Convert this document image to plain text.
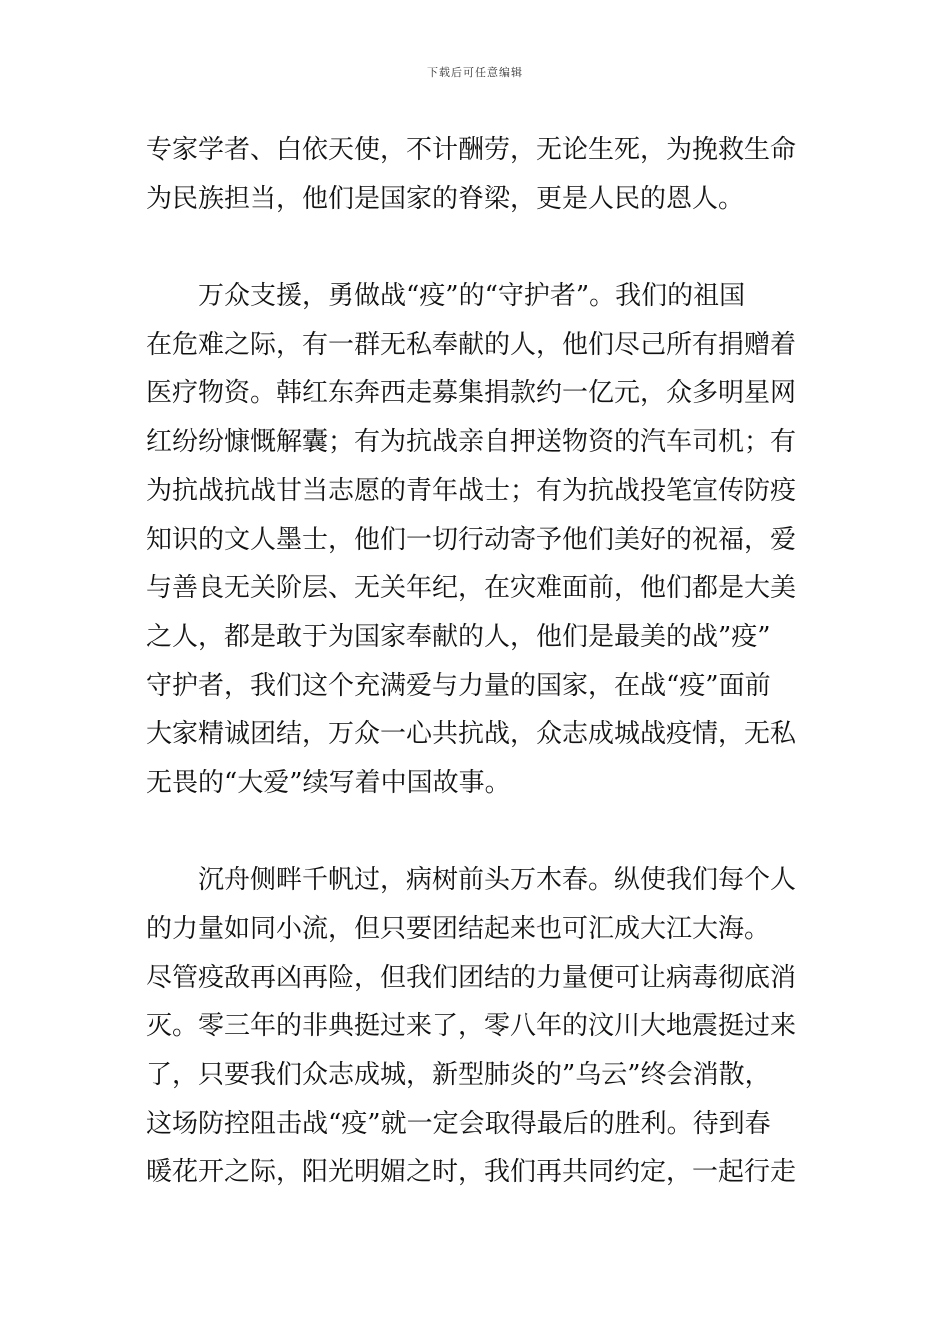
下载后可任意编辑
专家学者、白依天使，不计酬劳，无论生死，为挽救生命
为民族担当，他们是国家的脊梁，更是人民的恩人。
万众支援，勇做战“疫”的“守护者”。我们的祖国
在危难之际，有一群无私奉献的人，他们尽己所有捐赠着
医疗物资。韩红东奔西走募集捐款约一亿元，众多明星网
红纷纷慷慨解囊；有为抗战亲自押送物资的汽车司机；有
为抗战抗战甘当志愿的青年战士；有为抗战投笔宣传防疫
知识的文人墨士，他们一切行动寄予他们美好的祝福，爱
与善良无关阶层、无关年纪，在灾难面前，他们都是大美
之人，都是敢于为国家奉献的人，他们是最美的战”疫”
守护者，我们这个充满爱与力量的国家，在战“疫”面前
大家精诚团结，万众一心共抗战，众志成城战疫情，无私
无畏的“大爱”续写着中国故事。
沉舟侧畔千帆过，病树前头万木春。纵使我们每个人
的力量如同小流，但只要团结起来也可汇成大江大海。
尽管疫敌再凶再险，但我们团结的力量便可让病毒彻底消
灭。零三年的非典挺过来了，零八年的汶川大地震挺过来
了，只要我们众志成城，新型肺炎的”乌云”终会消散，
这场防控阻击战“疫”就一定会取得最后的胜利。待到春
暖花开之际，阳光明媚之时，我们再共同约定，一起行走
